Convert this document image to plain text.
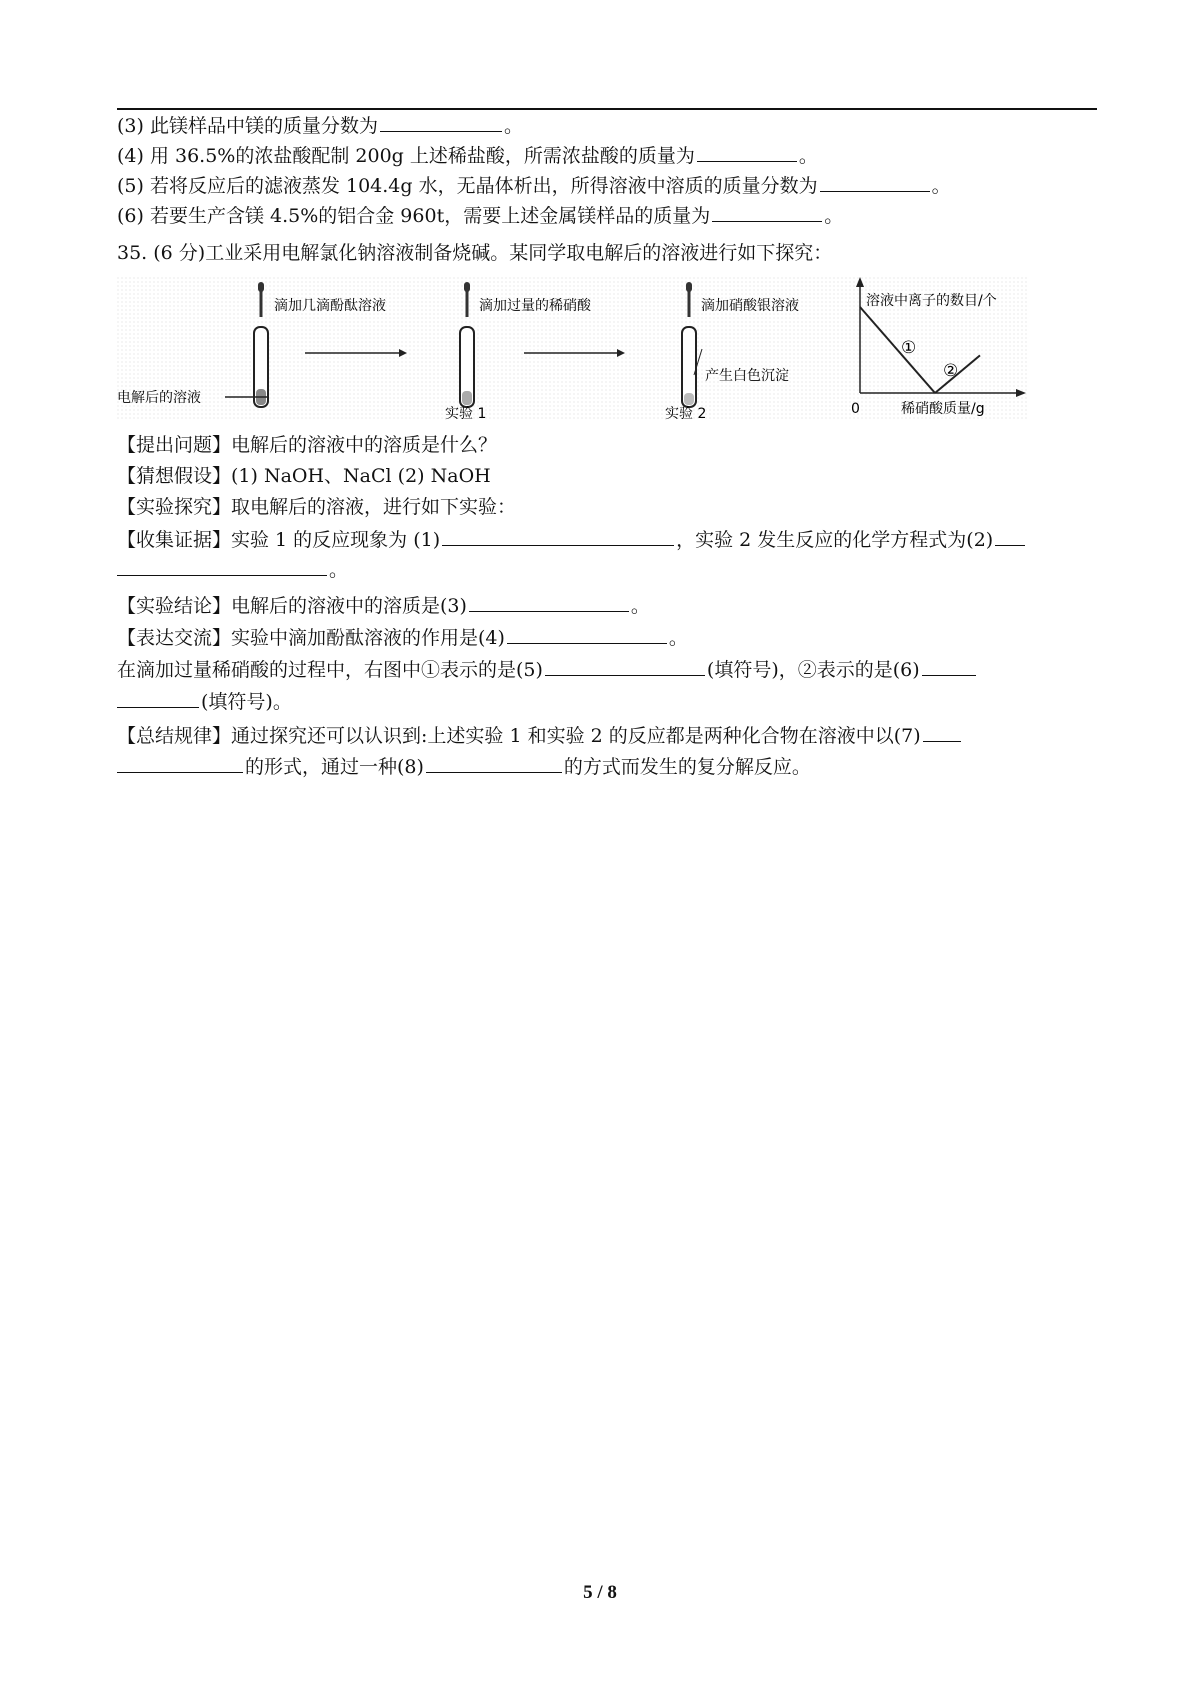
(3) 此镁样品中镁的质量分数为	。
(4) 用 36.5%的浓盐酸配制 200g 上述稀盐酸，所需浓盐酸的质量为	。
(5) 若将反应后的滤液蒸发 104.4g 水，无晶体析出，所得溶液中溶质的质量分数为	。
(6) 若要生产含镁 4.5%的铝合金 960t，需要上述金属镁样品的质量为	。
35. (6 分)工业采用电解氯化钠溶液制备烧碱。某同学取电解后的溶液进行如下探究：
电解后的溶液
滴加几滴酚酞溶液	滴加过量的稀硝酸
实验 1
滴加硝酸银溶液
产生白色沉淀
实验 2
溶液中离子的数目/个
0	稀硝酸质量/g
①
②
【提出问题】电解后的溶液中的溶质是什么？
【猜想假设】(1) NaOH、NaCl (2) NaOH
【实验探究】取电解后的溶液，进行如下实验：
【收集证据】实验 1 的反应现象为 (1)	，实验 2 发生反应的化学方程式为(2)
。
【实验结论】电解后的溶液中的溶质是(3)	。
【表达交流】实验中滴加酚酞溶液的作用是(4)	。
在滴加过量稀硝酸的过程中，右图中①表示的是(5)	(填符号)，②表示的是(6)
(填符号)。
【总结规律】通过探究还可以认识到:上述实验 1 和实验 2 的反应都是两种化合物在溶液中以(7)
的形式，通过一种(8)	的方式而发生的复分解反应。
5 / 8
